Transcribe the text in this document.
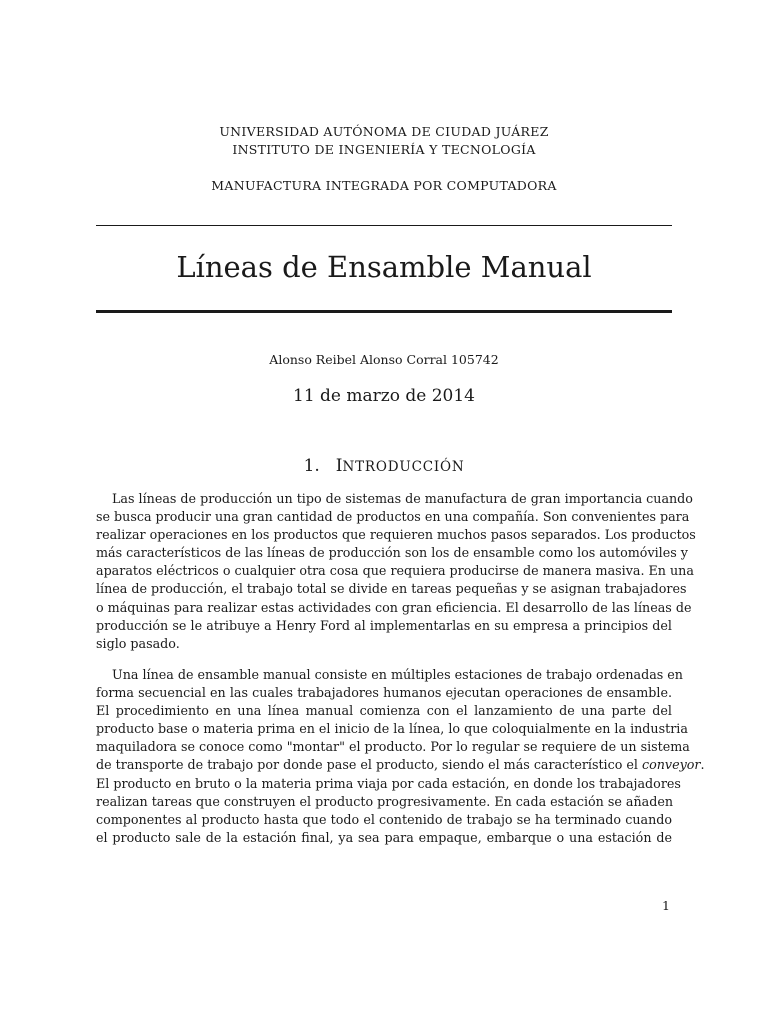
UNIVERSIDAD AUTÓNOMA DE CIUDAD JUÁREZ
INSTITUTO DE INGENIERÍA Y TECNOLOGÍA
MANUFACTURA INTEGRADA POR COMPUTADORA
Líneas de Ensamble Manual
Alonso Reibel Alonso Corral 105742
11 de marzo de 2014
1. INTRODUCCIÓN
Las líneas de producción un tipo de sistemas de manufactura de gran importancia cuando
se busca producir una gran cantidad de productos en una compañía. Son convenientes para
realizar operaciones en los productos que requieren muchos pasos separados. Los productos
más característicos de las líneas de producción son los de ensamble como los automóviles y
aparatos eléctricos o cualquier otra cosa que requiera producirse de manera masiva. En una
línea de producción, el trabajo total se divide en tareas pequeñas y se asignan trabajadores
o máquinas para realizar estas actividades con gran eficiencia. El desarrollo de las líneas de
producción se le atribuye a Henry Ford al implementarlas en su empresa a principios del
siglo pasado.
Una línea de ensamble manual consiste en múltiples estaciones de trabajo ordenadas en
forma secuencial en las cuales trabajadores humanos ejecutan operaciones de ensamble.
El procedimiento en una línea manual comienza con el lanzamiento de una parte del
producto base o materia prima en el inicio de la línea, lo que coloquialmente en la industria
maquiladora se conoce como "montar" el producto. Por lo regular se requiere de un sistema
de transporte de trabajo por donde pase el producto, siendo el más característico el conveyor.
El producto en bruto o la materia prima viaja por cada estación, en donde los trabajadores
realizan tareas que construyen el producto progresivamente. En cada estación se añaden
componentes al producto hasta que todo el contenido de trabajo se ha terminado cuando
el producto sale de la estación final, ya sea para empaque, embarque o una estación de
1
